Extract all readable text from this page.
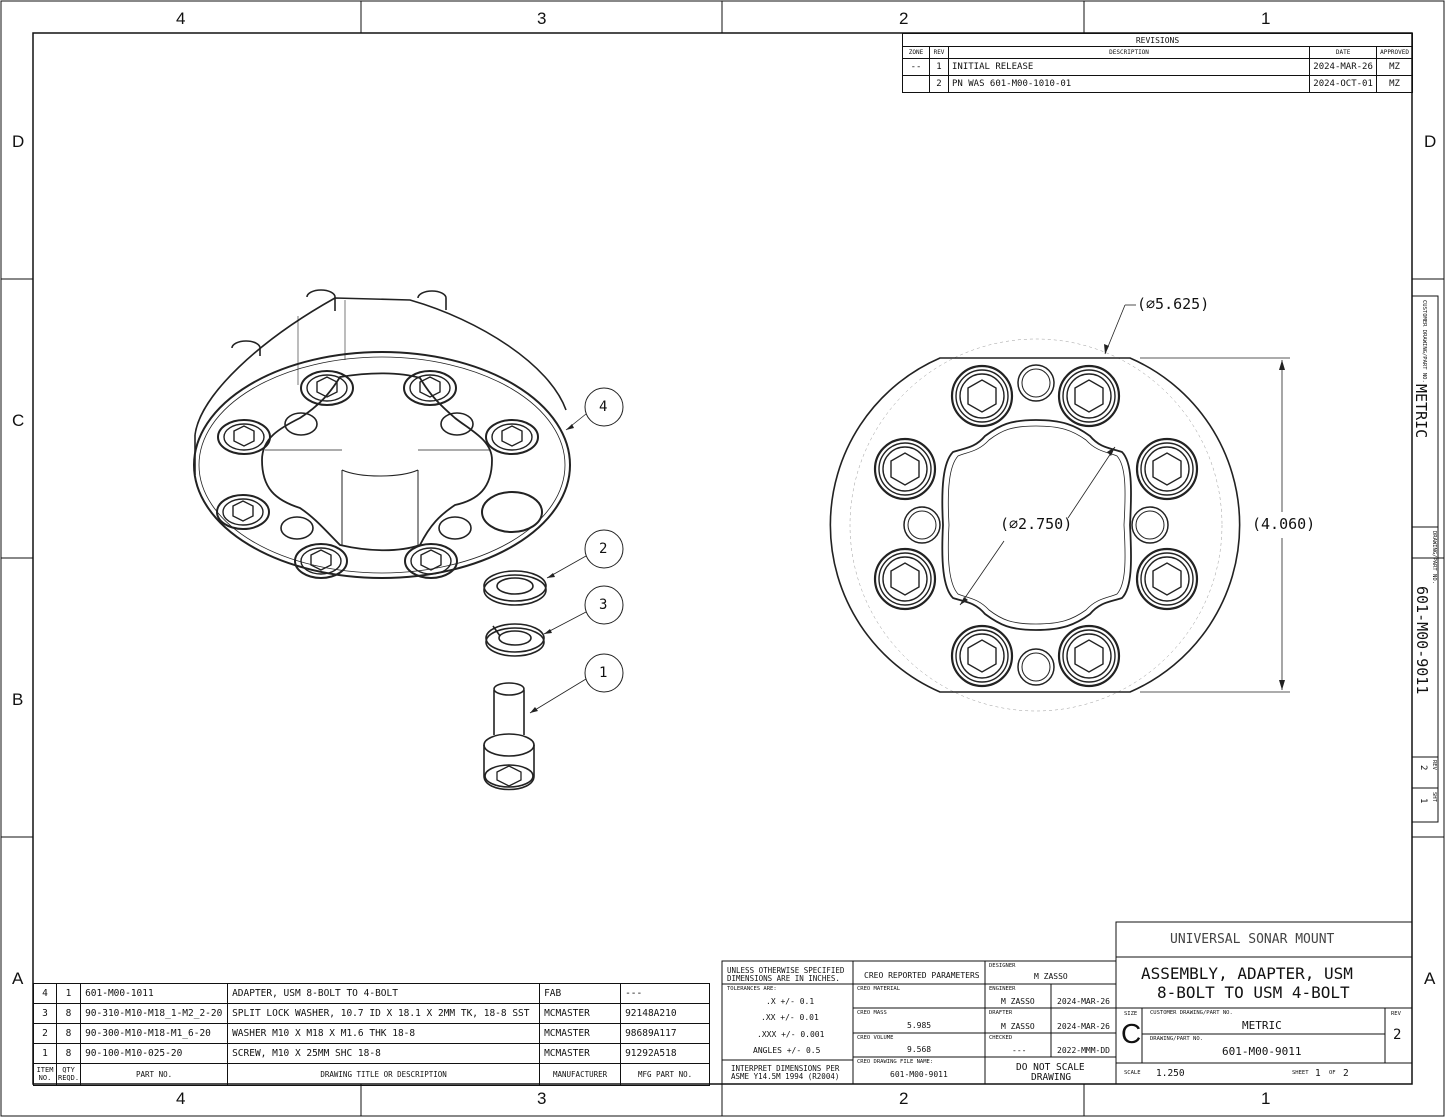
4	3	2	1
4	3	2	1
D
C
B
A
D
A
REVISIONS				
ZONE	REV	DESCRIPTION	DATE	APPROVED
--	1	INITIAL RELEASE	2024-MAR-26	MZ
	2	PN WAS 601-M00-1010-01	2024-OCT-01	MZ
4
2
3
1
(⌀5.625)
(⌀2.750)	(4.060)
CUSTOMER DRAWING/PART NO.
METRIC
DRAWING/PART NO.
601-M00-9011
REV
2
SHT
1
4	1	601-M00-1011	ADAPTER, USM 8-BOLT TO 4-BOLT	FAB	---
3	8	90-310-M10-M18_1-M2_2-20	SPLIT LOCK WASHER, 10.7 ID X 18.1 X 2MM TK, 18-8 SST	MCMASTER	92148A210
2	8	90-300-M10-M18-M1_6-20	WASHER M10 X M18 X M1.6 THK 18-8	MCMASTER	98689A117
1	8	90-100-M10-025-20	SCREW, M10 X 25MM SHC 18-8	MCMASTER	91292A518
ITEM NO.	QTY REQD.	PART NO.	DRAWING TITLE OR DESCRIPTION	MANUFACTURER	MFG PART NO.
UNLESS OTHERWISE SPECIFIED
DIMENSIONS ARE IN INCHES.
TOLERANCES ARE:
.X +/- 0.1
.XX +/- 0.01
.XXX +/- 0.001
ANGLES +/- 0.5
INTERPRET DIMENSIONS PER
ASME Y14.5M 1994 (R2004)
CREO REPORTED PARAMETERS
CREO MATERIAL
CREO MASS
5.985
CREO VOLUME
9.568
CREO DRAWING FILE NAME:
601-M00-9011
DESIGNER
M ZASSO
ENGINEER
M ZASSO	2024-MAR-26
DRAFTER
M ZASSO	2024-MAR-26
CHECKED
---	2022-MMM-DD
DO NOT SCALE
DRAWING
UNIVERSAL SONAR MOUNT
ASSEMBLY, ADAPTER, USM
8-BOLT TO USM 4-BOLT
SIZE
C
CUSTOMER DRAWING/PART NO.
METRIC
DRAWING/PART NO.
601-M00-9011
REV
2
SCALE 1.250	SHEET 1 OF 2
